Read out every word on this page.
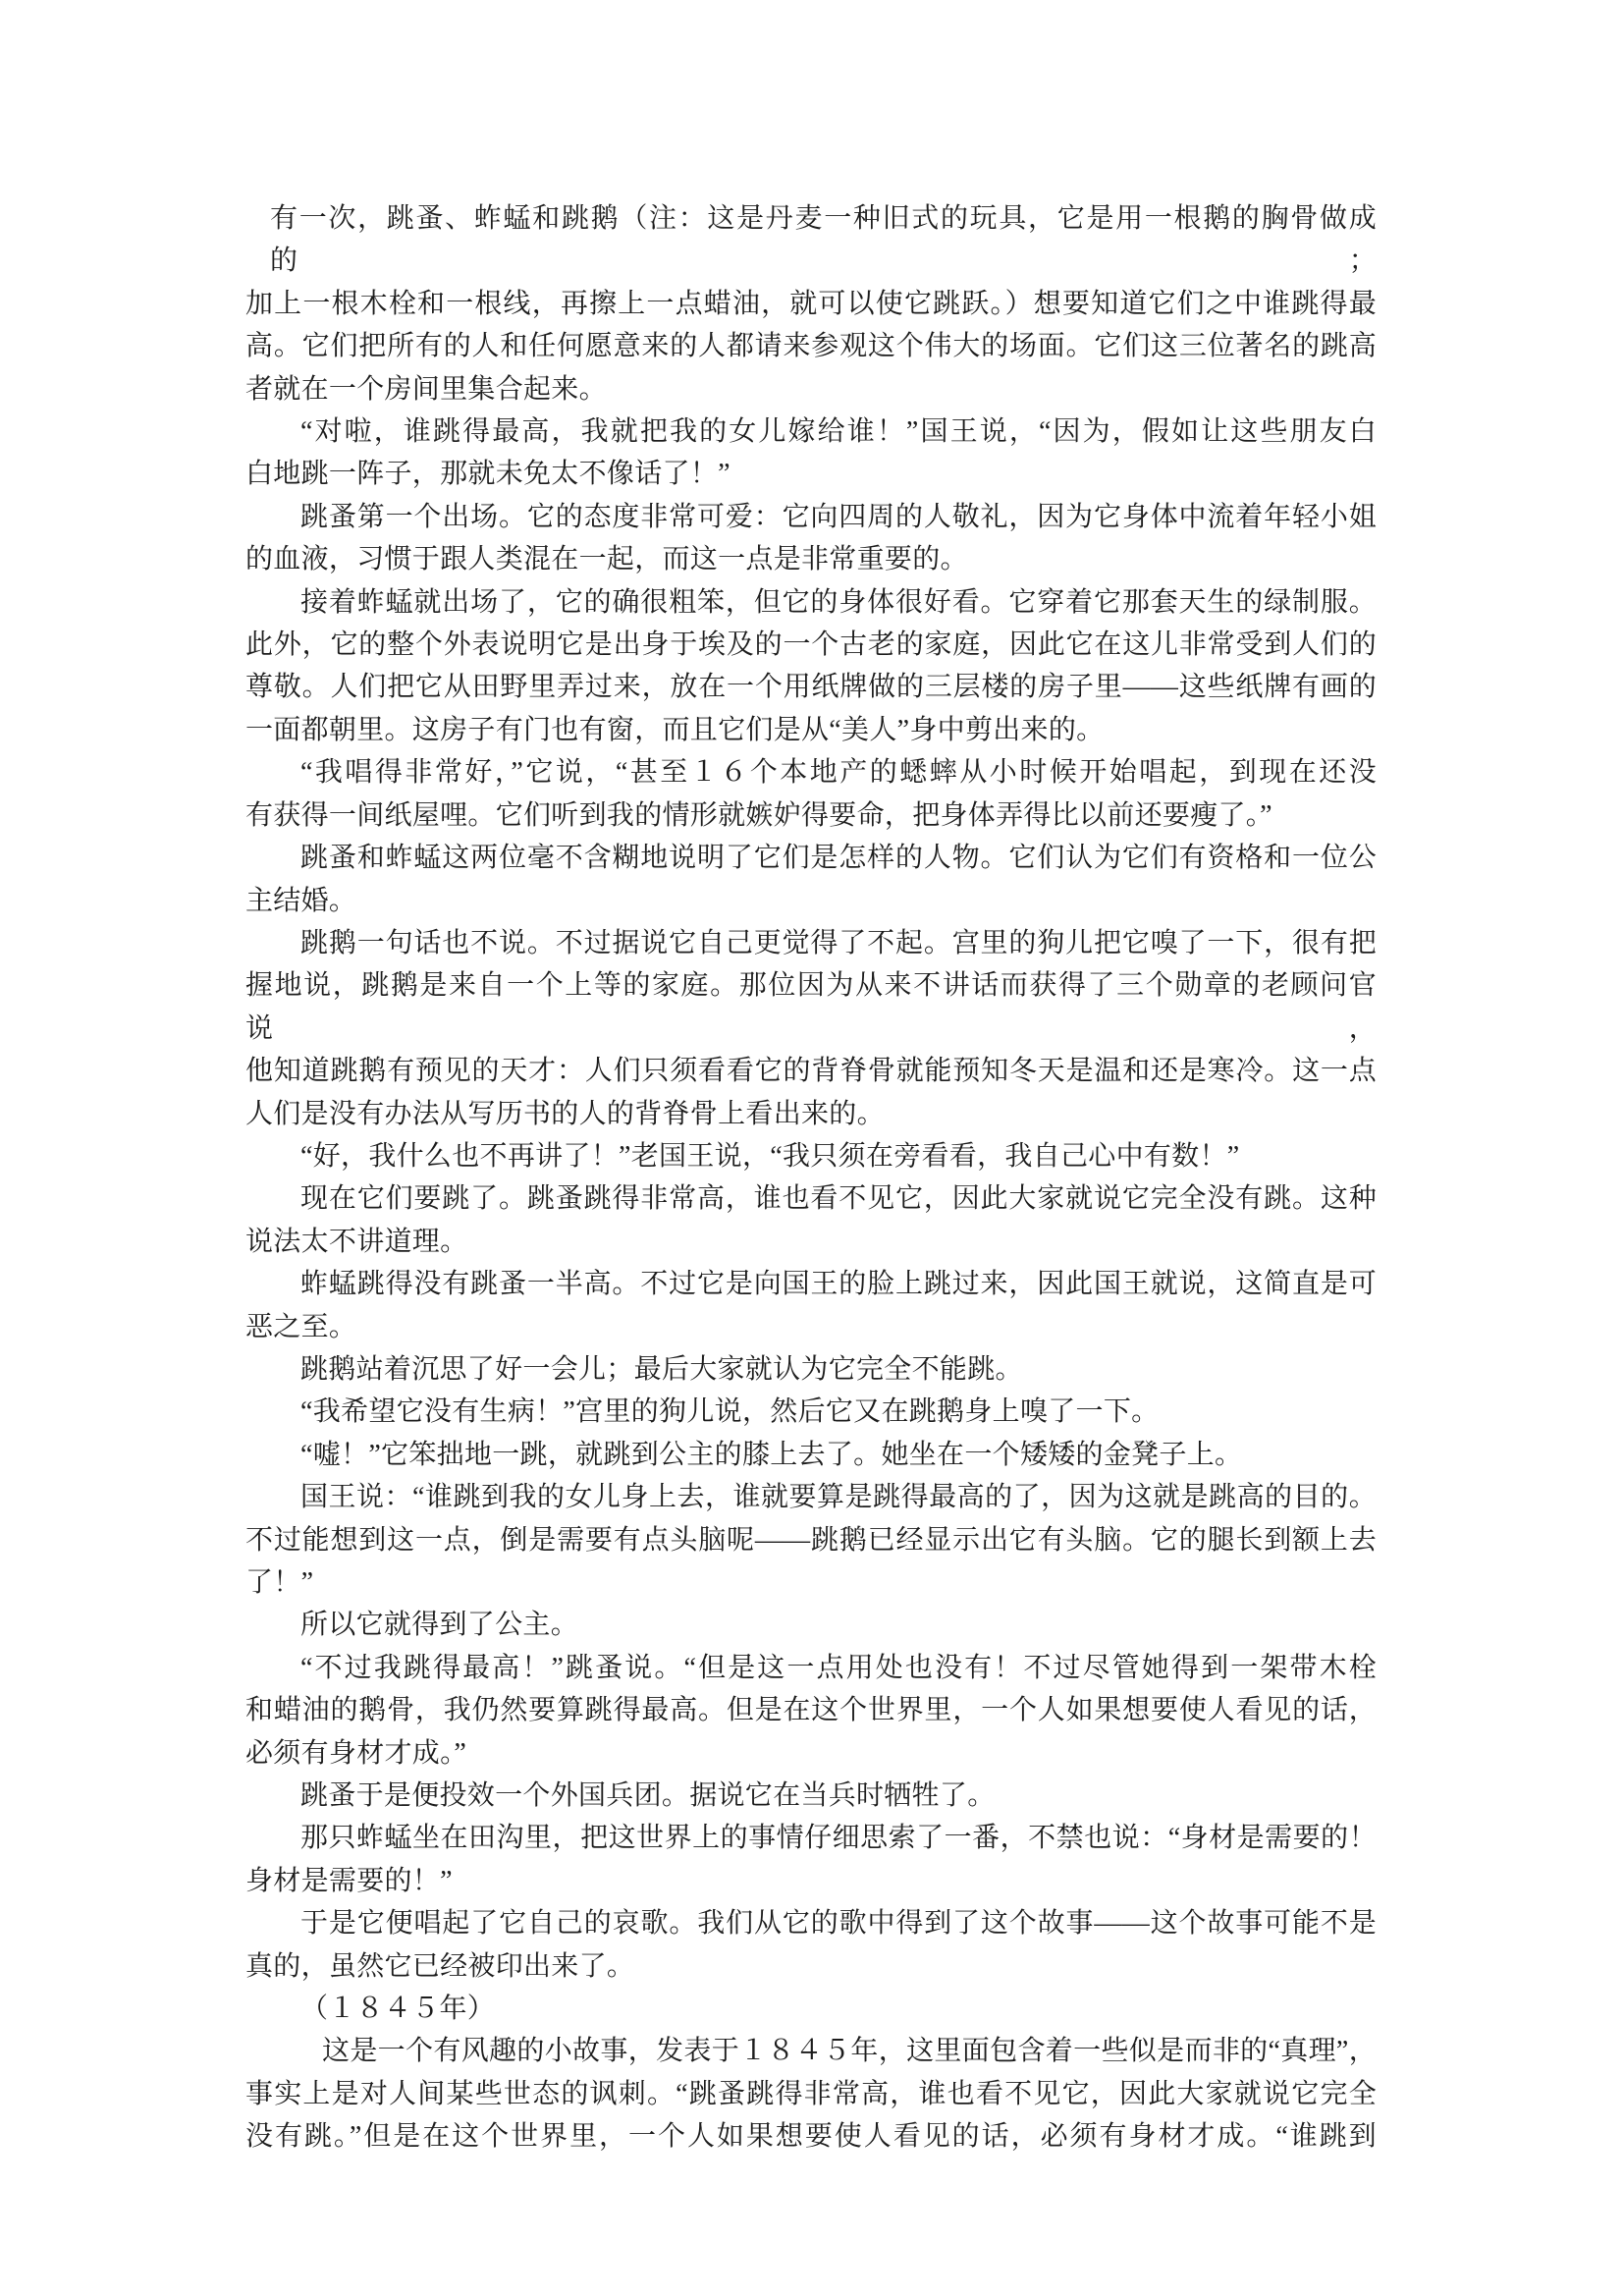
有一次，跳蚤、蚱蜢和跳鹅（注：这是丹麦一种旧式的玩具，它是用一根鹅的胸骨做成的；
加上一根木栓和一根线，再擦上一点蜡油，就可以使它跳跃。）想要知道它们之中谁跳得最
高。它们把所有的人和任何愿意来的人都请来参观这个伟大的场面。它们这三位著名的跳高
者就在一个房间里集合起来。
“对啦，谁跳得最高，我就把我的女儿嫁给谁！”国王说，“因为，假如让这些朋友白
白地跳一阵子，那就未免太不像话了！”
跳蚤第一个出场。它的态度非常可爱：它向四周的人敬礼，因为它身体中流着年轻小姐
的血液，习惯于跟人类混在一起，而这一点是非常重要的。
接着蚱蜢就出场了，它的确很粗笨，但它的身体很好看。它穿着它那套天生的绿制服。
此外，它的整个外表说明它是出身于埃及的一个古老的家庭，因此它在这儿非常受到人们的
尊敬。人们把它从田野里弄过来，放在一个用纸牌做的三层楼的房子里——这些纸牌有画的
一面都朝里。这房子有门也有窗，而且它们是从“美人”身中剪出来的。
“我唱得非常好，”它说，“甚至１６个本地产的蟋蟀从小时候开始唱起，到现在还没
有获得一间纸屋哩。它们听到我的情形就嫉妒得要命，把身体弄得比以前还要瘦了。”
跳蚤和蚱蜢这两位毫不含糊地说明了它们是怎样的人物。它们认为它们有资格和一位公
主结婚。
跳鹅一句话也不说。不过据说它自己更觉得了不起。宫里的狗儿把它嗅了一下，很有把
握地说，跳鹅是来自一个上等的家庭。那位因为从来不讲话而获得了三个勋章的老顾问官说，
他知道跳鹅有预见的天才：人们只须看看它的背脊骨就能预知冬天是温和还是寒冷。这一点
人们是没有办法从写历书的人的背脊骨上看出来的。
“好，我什么也不再讲了！”老国王说，“我只须在旁看看，我自己心中有数！”
现在它们要跳了。跳蚤跳得非常高，谁也看不见它，因此大家就说它完全没有跳。这种
说法太不讲道理。
蚱蜢跳得没有跳蚤一半高。不过它是向国王的脸上跳过来，因此国王就说，这简直是可
恶之至。
跳鹅站着沉思了好一会儿；最后大家就认为它完全不能跳。
“我希望它没有生病！”宫里的狗儿说，然后它又在跳鹅身上嗅了一下。
“嘘！”它笨拙地一跳，就跳到公主的膝上去了。她坐在一个矮矮的金凳子上。
国王说：“谁跳到我的女儿身上去，谁就要算是跳得最高的了，因为这就是跳高的目的。
不过能想到这一点，倒是需要有点头脑呢——跳鹅已经显示出它有头脑。它的腿长到额上去
了！”
所以它就得到了公主。
“不过我跳得最高！”跳蚤说。“但是这一点用处也没有！不过尽管她得到一架带木栓
和蜡油的鹅骨，我仍然要算跳得最高。但是在这个世界里，一个人如果想要使人看见的话，
必须有身材才成。”
跳蚤于是便投效一个外国兵团。据说它在当兵时牺牲了。
那只蚱蜢坐在田沟里，把这世界上的事情仔细思索了一番，不禁也说：“身材是需要的！
身材是需要的！”
于是它便唱起了它自己的哀歌。我们从它的歌中得到了这个故事——这个故事可能不是
真的，虽然它已经被印出来了。
（１８４５年）
这是一个有风趣的小故事，发表于１８４５年，这里面包含着一些似是而非的“真理”，
事实上是对人间某些世态的讽刺。“跳蚤跳得非常高，谁也看不见它，因此大家就说它完全
没有跳。”但是在这个世界里，一个人如果想要使人看见的话，必须有身材才成。“谁跳到
